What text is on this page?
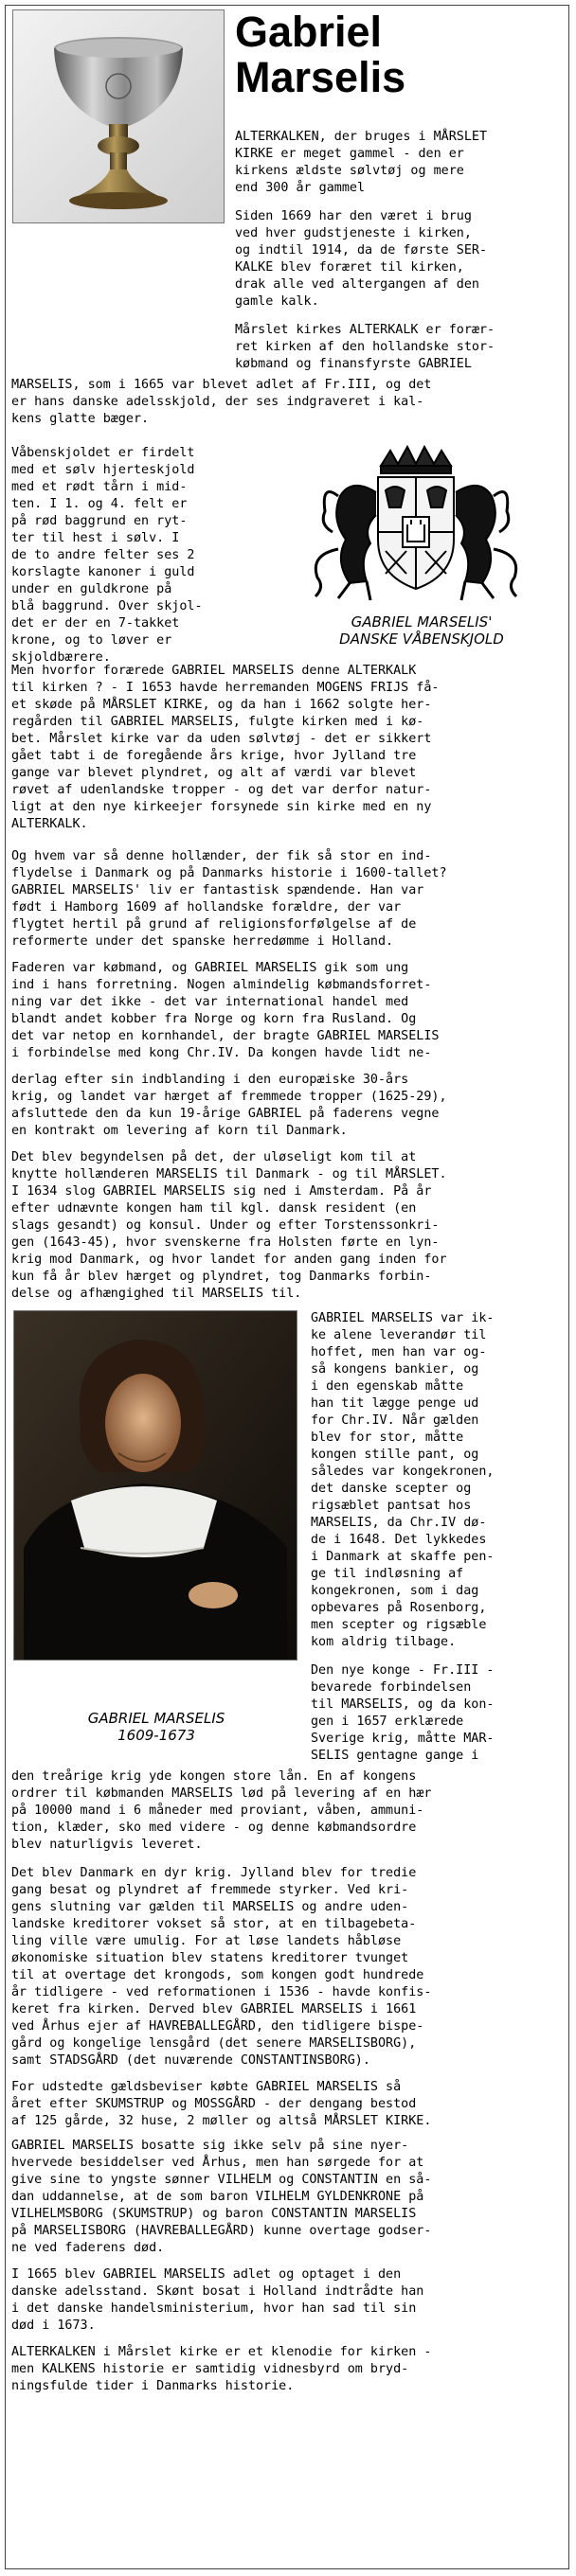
Gabriel
Marselis

ALTERKALKEN, der bruges i MÅRSLET
KIRKE er meget gammel - den er
kirkens ældste sølvtøj og mere
end 300 år gammel

Siden 1669 har den været i brug
ved hver gudstjeneste i kirken,
og indtil 1914, da de første SER-
KALKE blev foræret til kirken,
drak alle ved altergangen af den
gamle kalk.

Mårslet kirkes ALTERKALK er forær-
ret kirken af den hollandske stor-
købmand og finansfyrste GABRIEL

MARSELIS, som i 1665 var blevet adlet af Fr.III, og det
er hans danske adelsskjold, der ses indgraveret i kal-
kens glatte bæger.

Våbenskjoldet er firdelt
med et sølv hjerteskjold
med et rødt tårn i mid-
ten. I 1. og 4. felt er
på rød baggrund en ryt-
ter til hest i sølv. I
de to andre felter ses 2
korslagte kanoner i guld
under en guldkrone på
blå baggrund. Over skjol-
det er der en 7-takket
krone, og to løver er
skjoldbærere.

GABRIEL MARSELIS'
DANSKE VÅBENSKJOLD

Men hvorfor forærede GABRIEL MARSELIS denne ALTERKALK
til kirken ? - I 1653 havde herremanden MOGENS FRIJS få-
et skøde på MÅRSLET KIRKE, og da han i 1662 solgte her-
regården til GABRIEL MARSELIS, fulgte kirken med i kø-
bet. Mårslet kirke var da uden sølvtøj - det er sikkert
gået tabt i de foregående års krige, hvor Jylland tre
gange var blevet plyndret, og alt af værdi var blevet
røvet af udenlandske tropper - og det var derfor natur-
ligt at den nye kirkeejer forsynede sin kirke med en ny
ALTERKALK.

Og hvem var så denne hollænder, der fik så stor en ind-
flydelse i Danmark og på Danmarks historie i 1600-tallet?
GABRIEL MARSELIS' liv er fantastisk spændende. Han var
født i Hamborg 1609 af hollandske forældre, der var
flygtet hertil på grund af religionsforfølgelse af de
reformerte under det spanske herredømme i Holland.

Faderen var købmand, og GABRIEL MARSELIS gik som ung
ind i hans forretning. Nogen almindelig købmandsforret-
ning var det ikke - det var international handel med
blandt andet kobber fra Norge og korn fra Rusland. Og
det var netop en kornhandel, der bragte GABRIEL MARSELIS
i forbindelse med kong Chr.IV. Da kongen havde lidt ne-

derlag efter sin indblanding i den europæiske 30-års
krig, og landet var hærget af fremmede tropper (1625-29),
afsluttede den da kun 19-årige GABRIEL på faderens vegne
en kontrakt om levering af korn til Danmark.

Det blev begyndelsen på det, der uløseligt kom til at
knytte hollænderen MARSELIS til Danmark - og til MÅRSLET.
I 1634 slog GABRIEL MARSELIS sig ned i Amsterdam. På år
efter udnævnte kongen ham til kgl. dansk resident (en
slags gesandt) og konsul. Under og efter Torstenssonkri-
gen (1643-45), hvor svenskerne fra Holsten førte en lyn-
krig mod Danmark, og hvor landet for anden gang inden for
kun få år blev hærget og plyndret, tog Danmarks forbin-
delse og afhængighed til MARSELIS til.

GABRIEL MARSELIS
1609-1673

GABRIEL MARSELIS var ik-
ke alene leverandør til
hoffet, men han var og-
så kongens bankier, og
i den egenskab måtte
han tit lægge penge ud
for Chr.IV. Når gælden
blev for stor, måtte
kongen stille pant, og
således var kongekronen,
det danske scepter og
rigsæblet pantsat hos
MARSELIS, da Chr.IV dø-
de i 1648. Det lykkedes
i Danmark at skaffe pen-
ge til indløsning af
kongekronen, som i dag
opbevares på Rosenborg,
men scepter og rigsæble
kom aldrig tilbage.

Den nye konge - Fr.III -
bevarede forbindelsen
til MARSELIS, og da kon-
gen i 1657 erklærede
Sverige krig, måtte MAR-
SELIS gentagne gange i

den treårige krig yde kongen store lån. En af kongens
ordrer til købmanden MARSELIS lød på levering af en hær
på 10000 mand i 6 måneder med proviant, våben, ammuni-
tion, klæder, sko med videre - og denne købmandsordre
blev naturligvis leveret.

Det blev Danmark en dyr krig. Jylland blev for tredie
gang besat og plyndret af fremmede styrker. Ved kri-
gens slutning var gælden til MARSELIS og andre uden-
landske kreditorer vokset så stor, at en tilbagebeta-
ling ville være umulig. For at løse landets håbløse
økonomiske situation blev statens kreditorer tvunget
til at overtage det krongods, som kongen godt hundrede
år tidligere - ved reformationen i 1536 - havde konfis-
keret fra kirken. Derved blev GABRIEL MARSELIS i 1661
ved Århus ejer af HAVREBALLEGÅRD, den tidligere bispe-
gård og kongelige lensgård (det senere MARSELISBORG),
samt STADSGÅRD (det nuværende CONSTANTINSBORG).

For udstedte gældsbeviser købte GABRIEL MARSELIS så
året efter SKUMSTRUP og MOSSGÅRD - der dengang bestod
af 125 gårde, 32 huse, 2 møller og altså MÅRSLET KIRKE.

GABRIEL MARSELIS bosatte sig ikke selv på sine nyer-
hvervede besiddelser ved Århus, men han sørgede for at
give sine to yngste sønner VILHELM og CONSTANTIN en så-
dan uddannelse, at de som baron VILHELM GYLDENKRONE på
VILHELMSBORG (SKUMSTRUP) og baron CONSTANTIN MARSELIS
på MARSELISBORG (HAVREBALLEGÅRD) kunne overtage godser-
ne ved faderens død.

I 1665 blev GABRIEL MARSELIS adlet og optaget i den
danske adelsstand. Skønt bosat i Holland indtrådte han
i det danske handelsministerium, hvor han sad til sin
død i 1673.

ALTERKALKEN i Mårslet kirke er et klenodie for kirken -
men KALKENS historie er samtidig vidnesbyrd om bryd-
ningsfulde tider i Danmarks historie.
